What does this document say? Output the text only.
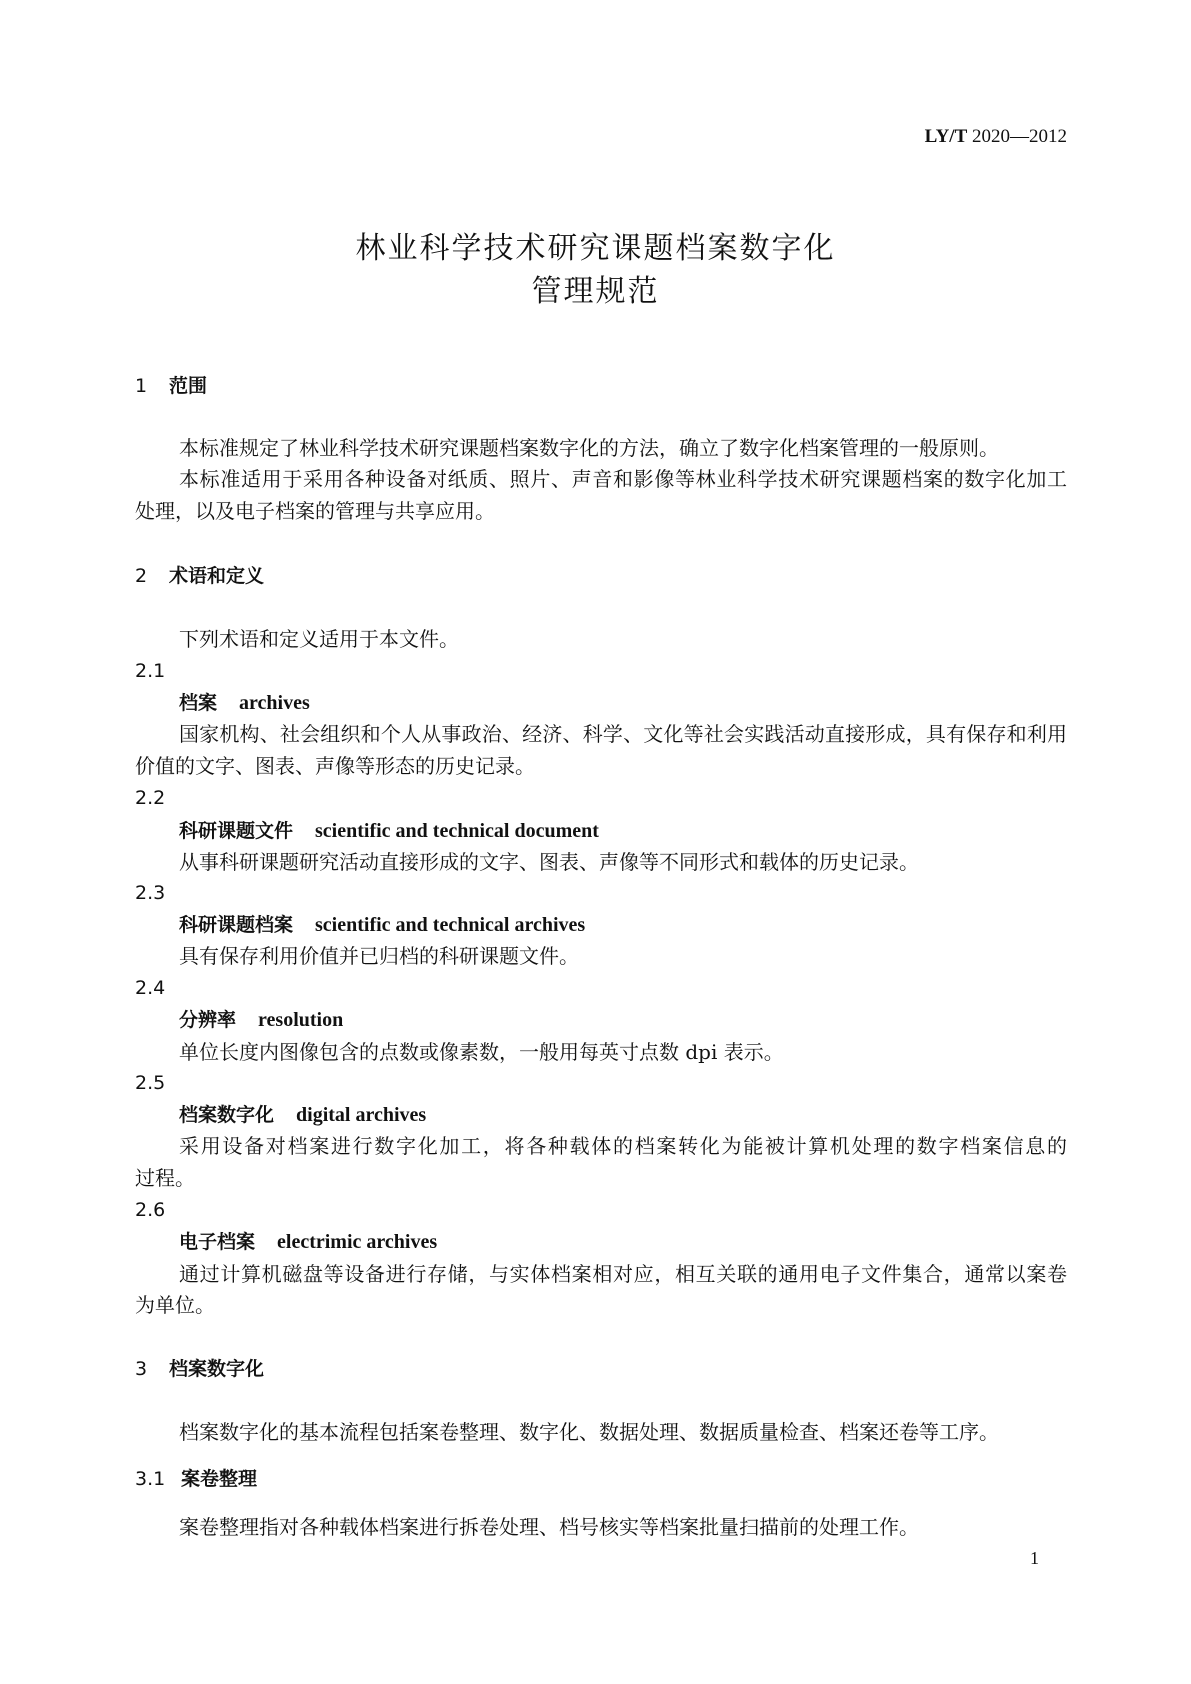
LY/T 2020—2012
林业科学技术研究课题档案数字化
管理规范
1 范围
本标准规定了林业科学技术研究课题档案数字化的方法，确立了数字化档案管理的一般原则。
本标准适用于采用各种设备对纸质、照片、声音和影像等林业科学技术研究课题档案的数字化加工
处理，以及电子档案的管理与共享应用。
2 术语和定义
下列术语和定义适用于本文件。
2.1
档案 archives
国家机构、社会组织和个人从事政治、经济、科学、文化等社会实践活动直接形成，具有保存和利用
价值的文字、图表、声像等形态的历史记录。
2.2
科研课题文件 scientific and technical document
从事科研课题研究活动直接形成的文字、图表、声像等不同形式和载体的历史记录。
2.3
科研课题档案 scientific and technical archives
具有保存利用价值并已归档的科研课题文件。
2.4
分辨率 resolution
单位长度内图像包含的点数或像素数，一般用每英寸点数 dpi 表示。
2.5
档案数字化 digital archives
采用设备对档案进行数字化加工，将各种载体的档案转化为能被计算机处理的数字档案信息的
过程。
2.6
电子档案 electrimic archives
通过计算机磁盘等设备进行存储，与实体档案相对应，相互关联的通用电子文件集合，通常以案卷
为单位。
3 档案数字化
档案数字化的基本流程包括案卷整理、数字化、数据处理、数据质量检查、档案还卷等工序。
3.1 案卷整理
案卷整理指对各种载体档案进行拆卷处理、档号核实等档案批量扫描前的处理工作。
1
